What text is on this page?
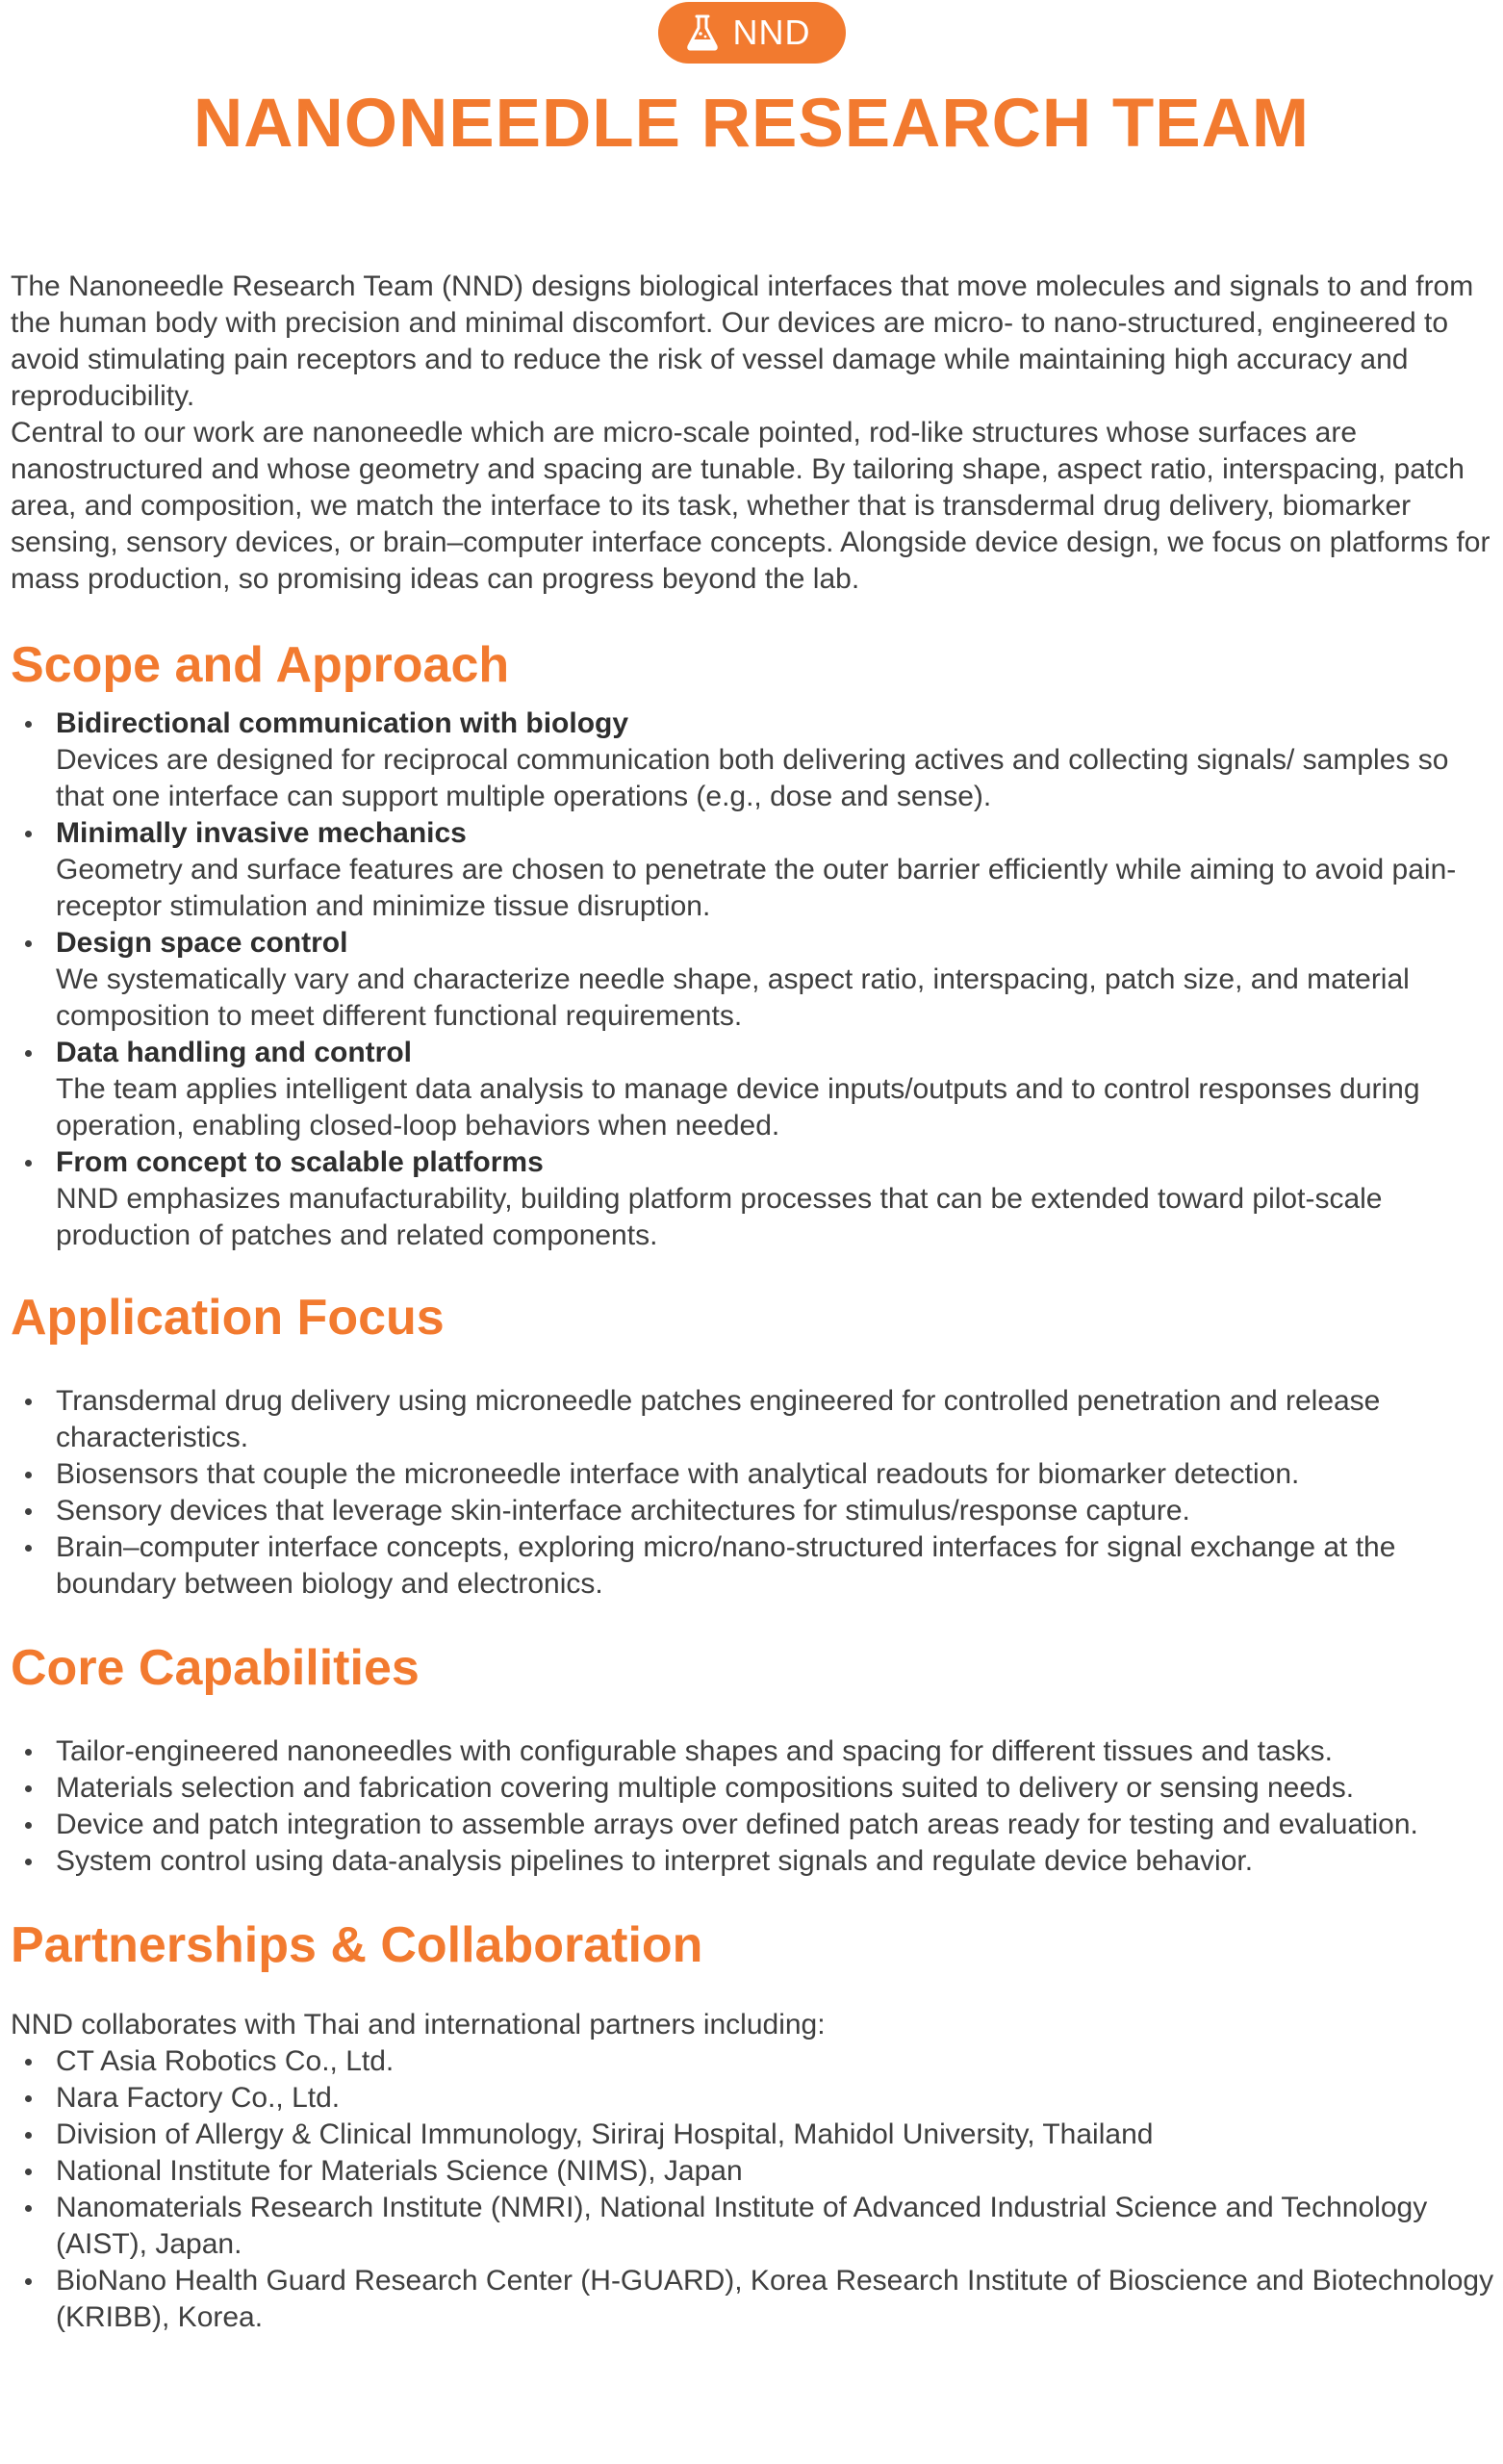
NND
NANONEEDLE RESEARCH TEAM

The Nanoneedle Research Team (NND) designs biological interfaces that move molecules and signals to and from the human body with precision and minimal discomfort. Our devices are micro- to nano-structured, engineered to avoid stimulating pain receptors and to reduce the risk of vessel damage while maintaining high accuracy and reproducibility.

Central to our work are nanoneedle which are micro-scale pointed, rod-like structures whose surfaces are nanostructured and whose geometry and spacing are tunable. By tailoring shape, aspect ratio, interspacing, patch area, and composition, we match the interface to its task, whether that is transdermal drug delivery, biomarker sensing, sensory devices, or brain–computer interface concepts. Alongside device design, we focus on platforms for mass production, so promising ideas can progress beyond the lab.

Scope and Approach
Bidirectional communication with biology
Devices are designed for reciprocal communication both delivering actives and collecting signals/ samples so that one interface can support multiple operations (e.g., dose and sense).
Minimally invasive mechanics
Geometry and surface features are chosen to penetrate the outer barrier efficiently while aiming to avoid pain-receptor stimulation and minimize tissue disruption.
Design space control
We systematically vary and characterize needle shape, aspect ratio, interspacing, patch size, and material composition to meet different functional requirements.
Data handling and control
The team applies intelligent data analysis to manage device inputs/outputs and to control responses during operation, enabling closed-loop behaviors when needed.
From concept to scalable platforms
NND emphasizes manufacturability, building platform processes that can be extended toward pilot-scale production of patches and related components.
Application Focus
Transdermal drug delivery using microneedle patches engineered for controlled penetration and release characteristics.
Biosensors that couple the microneedle interface with analytical readouts for biomarker detection.
Sensory devices that leverage skin-interface architectures for stimulus/response capture.
Brain–computer interface concepts, exploring micro/nano-structured interfaces for signal exchange at the boundary between biology and electronics.
Core Capabilities
Tailor-engineered nanoneedles with configurable shapes and spacing for different tissues and tasks.
Materials selection and fabrication covering multiple compositions suited to delivery or sensing needs.
Device and patch integration to assemble arrays over defined patch areas ready for testing and evaluation.
System control using data-analysis pipelines to interpret signals and regulate device behavior.
Partnerships & Collaboration

NND collaborates with Thai and international partners including:

CT Asia Robotics Co., Ltd.
Nara Factory Co., Ltd.
Division of Allergy & Clinical Immunology, Siriraj Hospital, Mahidol University, Thailand
National Institute for Materials Science (NIMS), Japan
Nanomaterials Research Institute (NMRI), National Institute of Advanced Industrial Science and Technology (AIST), Japan.
BioNano Health Guard Research Center (H-GUARD), Korea Research Institute of Bioscience and Biotechnology (KRIBB), Korea.
